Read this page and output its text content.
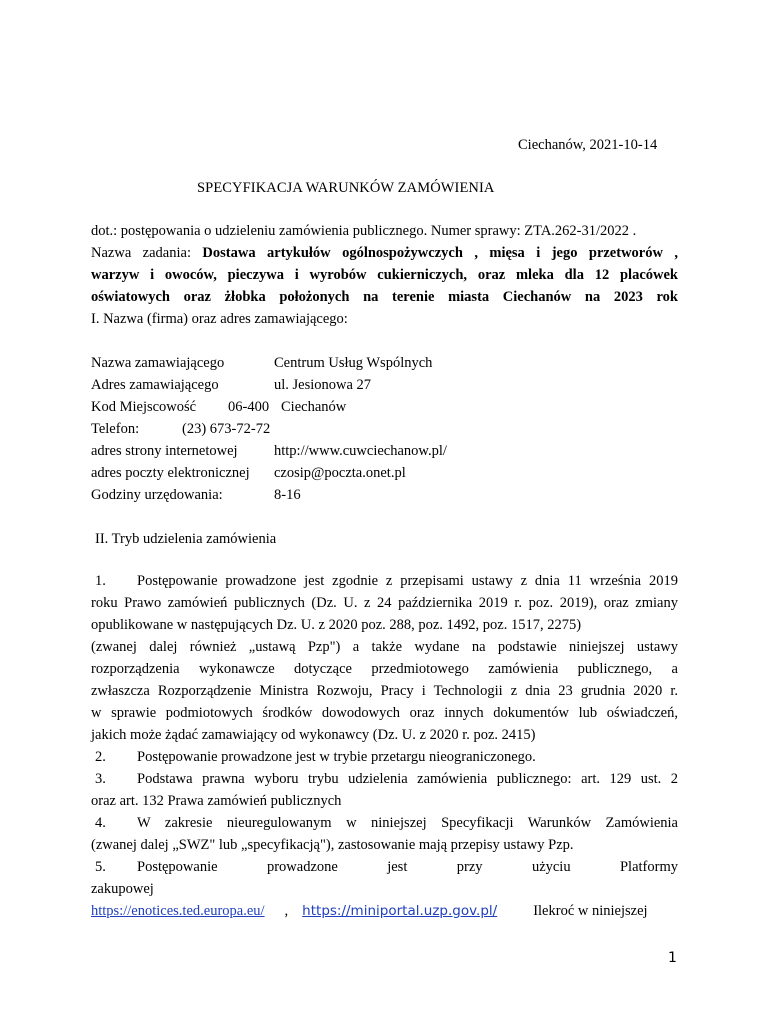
Ciechanów, 2021-10-14
SPECYFIKACJA WARUNKÓW ZAMÓWIENIA
dot.: postępowania o udzieleniu zamówienia publicznego. Numer sprawy: ZTA.262-31/2022 .
Nazwa zadania: Dostawa artykułów ogólnospożywczych , mięsa i jego przetworów ,
warzyw i owoców, pieczywa i wyrobów cukierniczych, oraz mleka dla 12 placówek
oświatowych oraz żłobka położonych na terenie miasta Ciechanów na 2023 rok
I. Nazwa (firma) oraz adres zamawiającego:
Nazwa zamawiającego	Centrum Usług Wspólnych
Adres zamawiającego	ul. Jesionowa 27
Kod Miejscowość 06-400 Ciechanów
Telefon:	(23) 673-72-72
adres strony internetowej	http://www.cuwciechanow.pl/
adres poczty elektronicznej czosip@poczta.onet.pl
Godziny urzędowania:	8-16
II. Tryb udzielenia zamówienia
1. Postępowanie prowadzone jest zgodnie z przepisami ustawy z dnia 11 września 2019
roku Prawo zamówień publicznych (Dz. U. z 24 października 2019 r. poz. 2019), oraz zmiany
opublikowane w następujących Dz. U. z 2020 poz. 288, poz. 1492, poz. 1517, 2275)
(zwanej dalej również „ustawą Pzp") a także wydane na podstawie niniejszej ustawy
rozporządzenia wykonawcze dotyczące przedmiotowego zamówienia publicznego, a
zwłaszcza Rozporządzenie Ministra Rozwoju, Pracy i Technologii z dnia 23 grudnia 2020 r.
w sprawie podmiotowych środków dowodowych oraz innych dokumentów lub oświadczeń,
jakich może żądać zamawiający od wykonawcy (Dz. U. z 2020 r. poz. 2415)
2. Postępowanie prowadzone jest w trybie przetargu nieograniczonego.
3. Podstawa prawna wyboru trybu udzielenia zamówienia publicznego: art. 129 ust. 2
oraz art. 132 Prawa zamówień publicznych
4. W zakresie nieuregulowanym w niniejszej Specyfikacji Warunków Zamówienia
(zwanej dalej „SWZ" lub „specyfikacją"), zastosowanie mają przepisy ustawy Pzp.
5. Postępowanie prowadzone jest przy użyciu Platformy zakupowej
https://enotices.ted.europa.eu/ , https://miniportal.uzp.gov.pl/ Ilekroć w niniejszej
1
